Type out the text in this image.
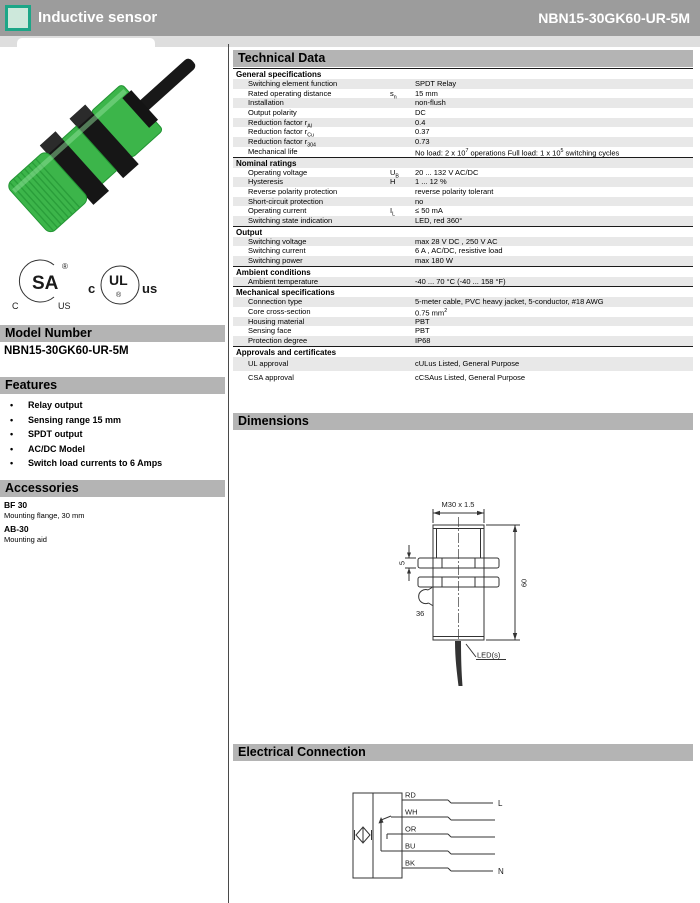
Inductive sensor	NBN15-30GK60-UR-5M
SA
®
C	US
UL
®
c	us
Model Number
NBN15-30GK60-UR-5M
Features
• Relay output
• Sensing range 15 mm
• SPDT output
• AC/DC Model
• Switch load currents to 6 Amps
Accessories
BF 30
Mounting flange, 30 mm
AB-30
Mounting aid
Technical Data
General specifications
Switching element function	SPDT Relay
Rated operating distance	$s_n$	15 mm
Installation	non-flush
Output polarity	DC
Reduction factor $r_{Al}$	0.4
Reduction factor $r_{Cu}$	0.37
Reduction factor $r_{304}$	0.73
Mechanical life	No load: 2 x $10^7$ operations Full load: 1 x $10^5$ switching cycles
Nominal ratings
Operating voltage	$U_B$	20 ... 132 V AC/DC
Hysteresis	H	1 ... 12 %
Reverse polarity protection	reverse polarity tolerant
Short-circuit protection	no
Operating current	$I_L$	≤ 50 mA
Switching state indication	LED, red 360°
Output
Switching voltage	max 28 V DC , 250 V AC
Switching current	6 A , AC/DC, resistive load
Switching power	max 180 W
Ambient conditions
Ambient temperature	-40 ... 70 °C (-40 ... 158 °F)
Mechanical specifications
Connection type	5-meter cable, PVC heavy jacket, 5-conductor, #18 AWG
Core cross-section	0.75 $mm^2$
Housing material	PBT
Sensing face	PBT
Protection degree	IP68
Approvals and certificates
UL approval	cULus Listed, General Purpose
CSA approval	cCSAus Listed, General Purpose
Dimensions
M30 x 1.5
5
60
36
LED(s)
Electrical Connection
RD
WH
OR
BU
BK
L
N
